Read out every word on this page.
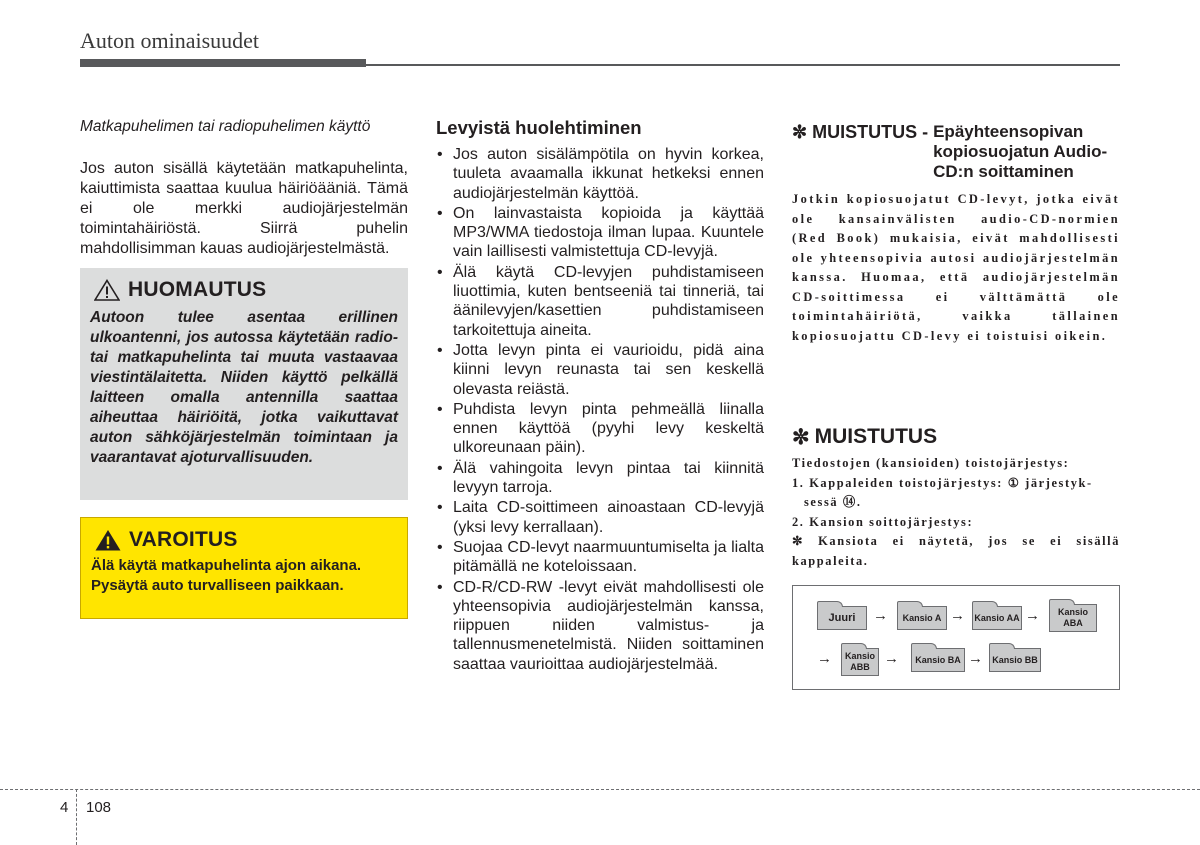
Auton ominaisuudet
Matkapuhelimen tai radiopuhelimen käyttö
Jos auton sisällä käytetään matkapuhelinta, kaiuttimista saattaa kuulua häiriöääniä. Tämä ei ole merkki audiojärjestelmän toimintahäiriöstä. Siirrä puhelin mahdollisimman kauas audiojärjestelmästä.
HUOMAUTUS
Autoon tulee asentaa erillinen ulkoantenni, jos autossa käytetään radio- tai matkapuhelinta tai muuta vastaavaa viestintälaitetta. Niiden käyttö pelkällä laitteen omalla antennilla saattaa aiheuttaa häiriöitä, jotka vaikuttavat auton sähköjärjestelmän toimintaan ja vaarantavat ajoturvallisuuden.
VAROITUS
Älä käytä matkapuhelinta ajon aikana. Pysäytä auto turvalliseen paikkaan.
Levyistä huolehtiminen
• Jos auton sisälämpötila on hyvin korkea, tuuleta avaamalla ikkunat hetkeksi ennen audiojärjestelmän käyttöä.
• On lainvastaista kopioida ja käyttää MP3/WMA tiedostoja ilman lupaa. Kuuntele vain laillisesti valmistettuja CD-levyjä.
• Älä käytä CD-levyjen puhdistamiseen liuottimia, kuten bentseeniä tai tinneriä, tai äänilevyjen/kasettien puhdistamiseen tarkoitettuja aineita.
• Jotta levyn pinta ei vaurioidu, pidä aina kiinni levyn reunasta tai sen keskellä olevasta reiästä.
• Puhdista levyn pinta pehmeällä liinalla ennen käyttöä (pyyhi levy keskeltä ulkoreunaan päin).
• Älä vahingoita levyn pintaa tai kiinnitä levyyn tarroja.
• Laita CD-soittimeen ainoastaan CD-levyjä (yksi levy kerrallaan).
• Suojaa CD-levyt naarmuuntumiselta ja lialta pitämällä ne koteloissaan.
• CD-R/CD-RW -levyt eivät mahdollisesti ole yhteensopivia audiojärjestelmän kanssa, riippuen niiden valmistus- ja tallennusmenetelmistä. Niiden soittaminen saattaa vaurioittaa audiojärjestelmää.
✼ MUISTUTUS - Epäyhteensopivan kopiosuojatun Audio-CD:n soittaminen
Jotkin kopiosuojatut CD-levyt, jotka eivät ole kansainvälisten audio-CD-normien (Red Book) mukaisia, eivät mahdollisesti ole yhteensopivia autosi audiojärjestelmän kanssa. Huomaa, että audiojärjestelmän CD-soittimessa ei välttämättä ole toimintahäiriötä, vaikka tällainen kopiosuojattu CD-levy ei toistuisi oikein.
✼ MUISTUTUS
Tiedostojen (kansioiden) toistojärjestys:
1. Kappaleiden toistojärjestys: ① järjestyk-
sessä ⑭.
2. Kansion soittojärjestys:
✼ Kansiota ei näytetä, jos se ei sisällä kappaleita.
Juuri → Kansio A → Kansio AA →	Kansio ABA
→	Kansio ABB → Kansio BA → Kansio BB
4 108
